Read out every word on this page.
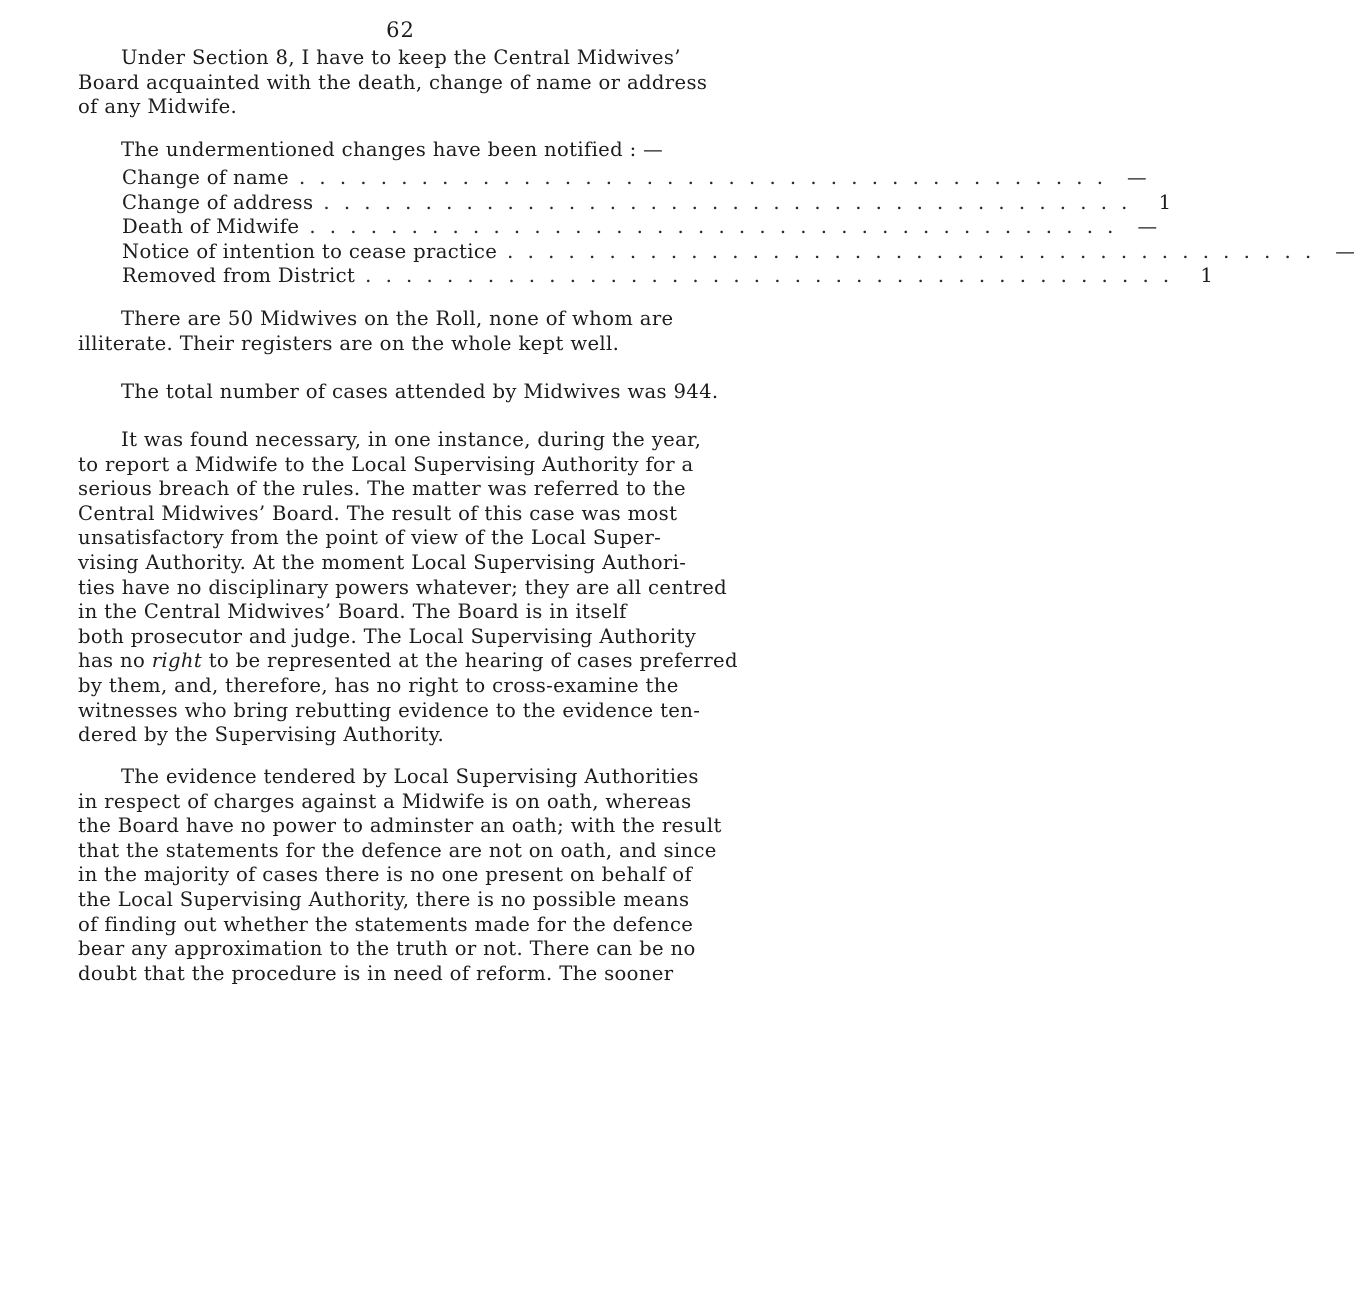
62
Under Section 8, I have to keep the Central Midwives’
Board acquainted with the death, change of name or address
of any Midwife.
The undermentioned changes have been notified : —
Change of name . . . . . . . . . . . . . . . . . . . . . . . . . . . . . . . . . . . . . . . .	—
Change of address . . . . . . . . . . . . . . . . . . . . . . . . . . . . . . . . . . . . . . . .	1
Death of Midwife . . . . . . . . . . . . . . . . . . . . . . . . . . . . . . . . . . . . . . . .	—
Notice of intention to cease practice . . . . . . . . . . . . . . . . . . . . . . . . . . . . . . . . . . . . . . . .	—
Removed from District . . . . . . . . . . . . . . . . . . . . . . . . . . . . . . . . . . . . . . . .	1
There are 50 Midwives on the Roll, none of whom are
illiterate. Their registers are on the whole kept well.
The total number of cases attended by Midwives was 944.
It was found necessary, in one instance, during the year,
to report a Midwife to the Local Supervising Authority for a
serious breach of the rules. The matter was referred to the
Central Midwives’ Board. The result of this case was most
unsatisfactory from the point of view of the Local Super-
vising Authority. At the moment Local Supervising Authori-
ties have no disciplinary powers whatever; they are all centred
in the Central Midwives’ Board. The Board is in itself
both prosecutor and judge. The Local Supervising Authority
has no right to be represented at the hearing of cases preferred
by them, and, therefore, has no right to cross-examine the
witnesses who bring rebutting evidence to the evidence ten-
dered by the Supervising Authority.
The evidence tendered by Local Supervising Authorities
in respect of charges against a Midwife is on oath, whereas
the Board have no power to adminster an oath; with the result
that the statements for the defence are not on oath, and since
in the majority of cases there is no one present on behalf of
the Local Supervising Authority, there is no possible means
of finding out whether the statements made for the defence
bear any approximation to the truth or not. There can be no
doubt that the procedure is in need of reform. The sooner
